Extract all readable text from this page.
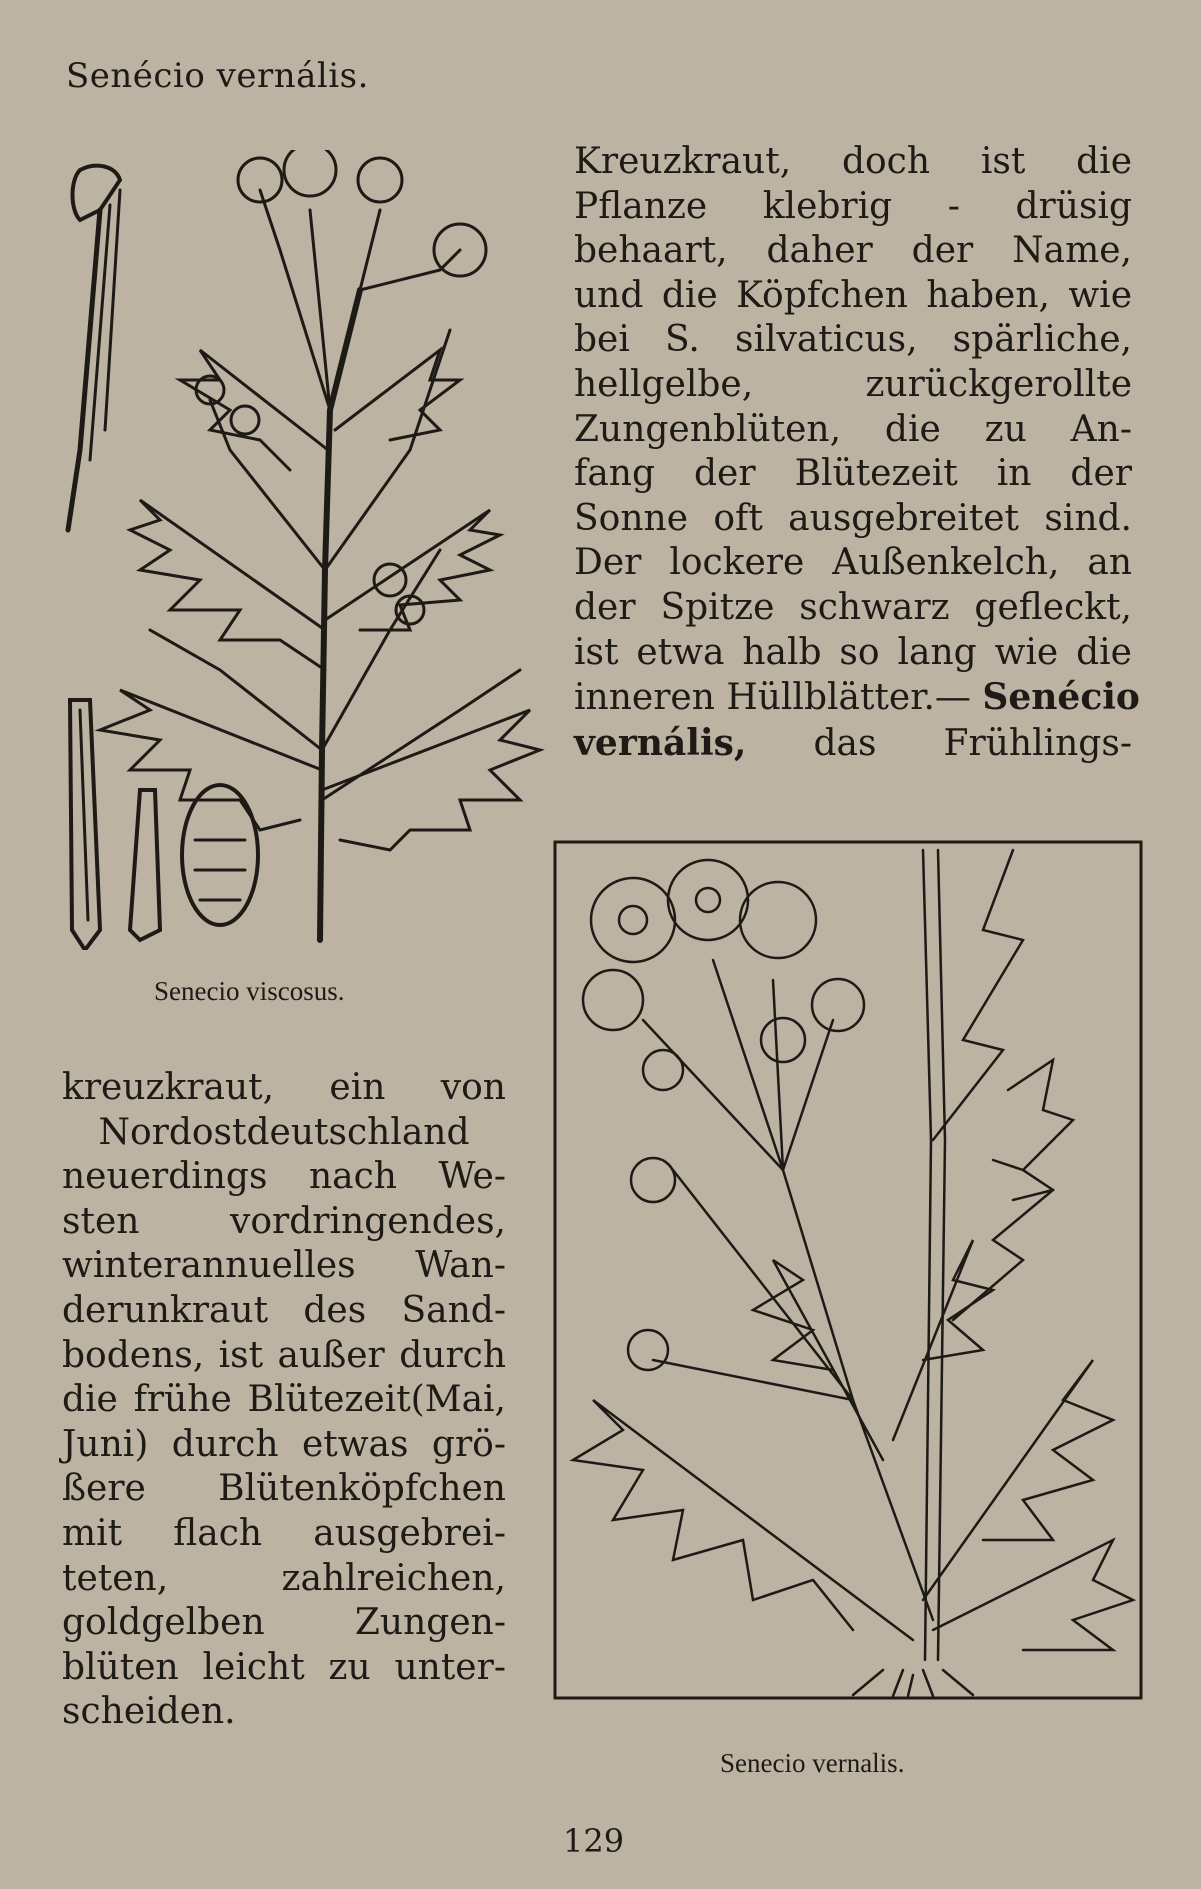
Senécio vernális.
Senecio viscosus.
Kreuzkraut, doch ist die
Pflanze klebrig - drüsig
behaart, daher der Name,
und die Köpfchen haben, wie
bei S. silvaticus, spärliche,
hellgelbe, zurückgerollte
Zungenblüten, die zu An-
fang der Blütezeit in der
Sonne oft ausgebreitet sind.
Der lockere Außenkelch, an
der Spitze schwarz gefleckt,
ist etwa halb so lang wie die
inneren Hüllblätter.— Senécio
vernális, das Frühlings-
kreuzkraut, ein von
Nordostdeutschland
neuerdings nach We-
sten vordringendes,
winterannuelles Wan-
derunkraut des Sand-
bodens, ist außer durch
die frühe Blütezeit(Mai,
Juni) durch etwas grö-
ßere Blütenköpfchen
mit flach ausgebrei-
teten, zahlreichen,
goldgelben Zungen-
blüten leicht zu unter-
scheiden.
Senecio vernalis.
129
